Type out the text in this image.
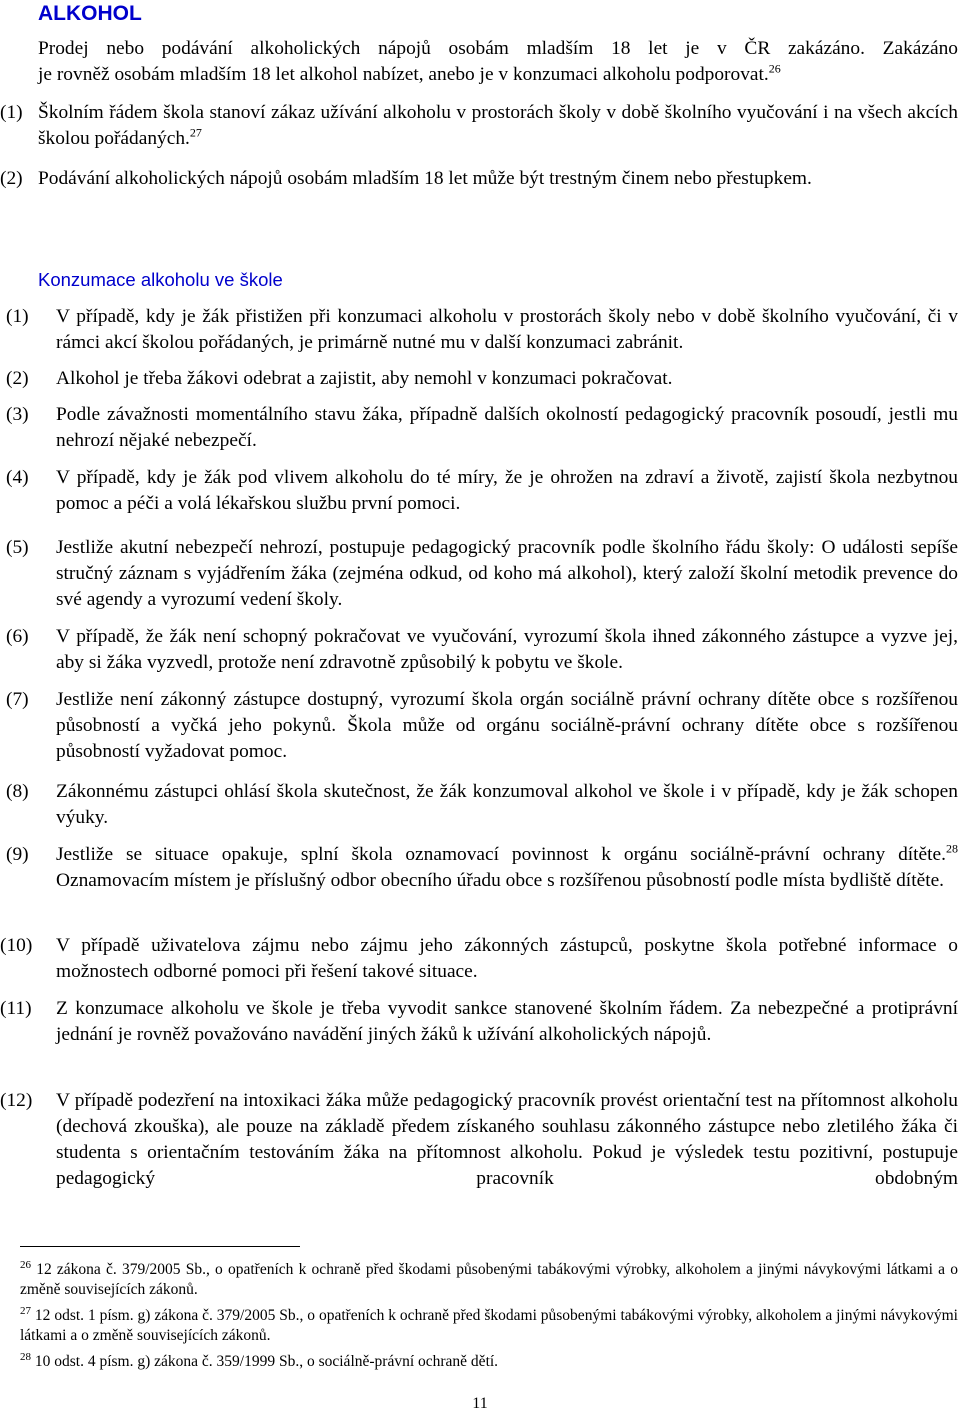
ALKOHOL
Prodej nebo podávání alkoholických nápojů osobám mladším 18 let je v ČR zakázáno. Zakázáno
je rovněž osobám mladším 18 let alkohol nabízet, anebo je v konzumaci alkoholu podporovat.$^{26}$
(1) Školním řádem škola stanoví zákaz užívání alkoholu v prostorách školy v době školního vyučování i na všech akcích školou pořádaných.$^{27}$
(2) Podávání alkoholických nápojů osobám mladším 18 let může být trestným činem nebo přestupkem.
Konzumace alkoholu ve škole
(1) V případě, kdy je žák přistižen při konzumaci alkoholu v prostorách školy nebo v době školního vyučování, či v rámci akcí školou pořádaných, je primárně nutné mu v další konzumaci zabránit.
(2) Alkohol je třeba žákovi odebrat a zajistit, aby nemohl v konzumaci pokračovat.
(3) Podle závažnosti momentálního stavu žáka, případně dalších okolností pedagogický pracovník posoudí, jestli mu nehrozí nějaké nebezpečí.
(4) V případě, kdy je žák pod vlivem alkoholu do té míry, že je ohrožen na zdraví a životě, zajistí škola nezbytnou pomoc a péči a volá lékařskou službu první pomoci.
(5) Jestliže akutní nebezpečí nehrozí, postupuje pedagogický pracovník podle školního řádu školy: O události sepíše stručný záznam s vyjádřením žáka (zejména odkud, od koho má alkohol), který založí školní metodik prevence do své agendy a vyrozumí vedení školy.
(6) V případě, že žák není schopný pokračovat ve vyučování, vyrozumí škola ihned zákonného zástupce a vyzve jej, aby si žáka vyzvedl, protože není zdravotně způsobilý k pobytu ve škole.
(7) Jestliže není zákonný zástupce dostupný, vyrozumí škola orgán sociálně právní ochrany dítěte obce s rozšířenou působností a vyčká jeho pokynů. Škola může od orgánu sociálně-právní ochrany dítěte obce s rozšířenou působností vyžadovat pomoc.
(8) Zákonnému zástupci ohlásí škola skutečnost, že žák konzumoval alkohol ve škole i v případě, kdy je žák schopen výuky.
(9) Jestliže se situace opakuje, splní škola oznamovací povinnost k orgánu sociálně-právní ochrany dítěte.$^{28}$ Oznamovacím místem je příslušný odbor obecního úřadu obce s rozšířenou působností podle místa bydliště dítěte.
(10) V případě uživatelova zájmu nebo zájmu jeho zákonných zástupců, poskytne škola potřebné informace o možnostech odborné pomoci při řešení takové situace.
(11) Z konzumace alkoholu ve škole je třeba vyvodit sankce stanovené školním řádem. Za nebezpečné a protiprávní jednání je rovněž považováno navádění jiných žáků k užívání alkoholických nápojů.
(12) V případě podezření na intoxikaci žáka může pedagogický pracovník provést orientační test na přítomnost alkoholu (dechová zkouška), ale pouze na základě předem získaného souhlasu zákonného zástupce nebo zletilého žáka či studenta s orientačním testováním žáka na přítomnost alkoholu. Pokud je výsledek testu pozitivní, postupuje pedagogický pracovník obdobným
$^{26}$ 12 zákona č. 379/2005 Sb., o opatřeních k ochraně před škodami působenými tabákovými výrobky, alkoholem a jinými návykovými látkami a o změně souvisejících zákonů.
$^{27}$ 12 odst. 1 písm. g) zákona č. 379/2005 Sb., o opatřeních k ochraně před škodami působenými tabákovými výrobky, alkoholem a jinými návykovými látkami a o změně souvisejících zákonů.
$^{28}$ 10 odst. 4 písm. g) zákona č. 359/1999 Sb., o sociálně-právní ochraně dětí.
11
